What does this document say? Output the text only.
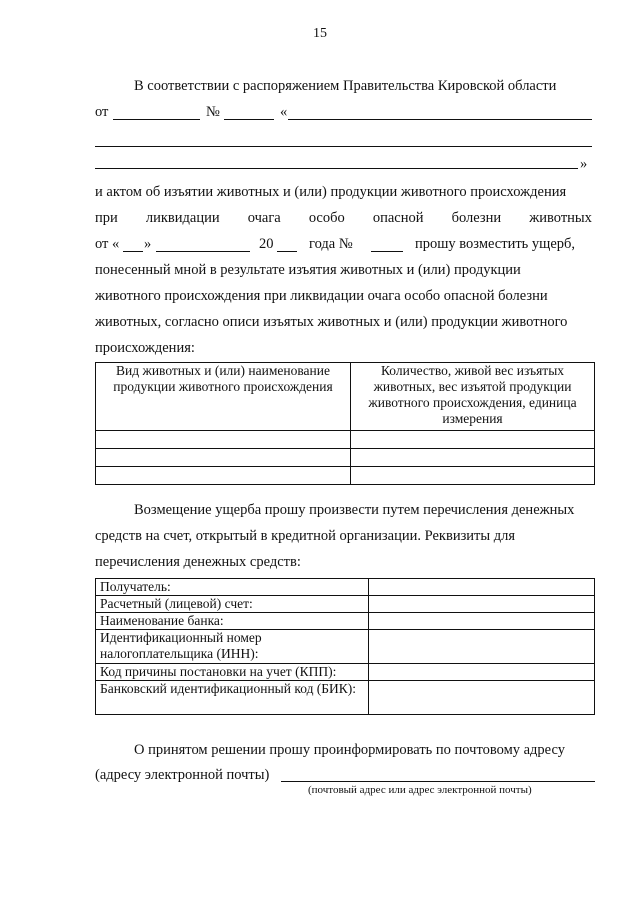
15
В соответствии с распоряжением Правительства Кировской области
от	№	«
»
и актом об изъятии животных и (или) продукции животного происхождения
при ликвидации очага особо опасной болезни животных
от « »	20 года №	прошу возместить ущерб,
понесенный мной в результате изъятия животных и (или) продукции
животного происхождения при ликвидации очага особо опасной болезни
животных, согласно описи изъятых животных и (или) продукции животного
происхождения:
Вид животных и (или) наименование продукции животного происхождения	Количество, живой вес изъятых животных, вес изъятой продукции животного происхождения, единица измерения

Возмещение ущерба прошу произвести путем перечисления денежных
средств на счет, открытый в кредитной организации. Реквизиты для
перечисления денежных средств:
Получатель:	
Расчетный (лицевой) счет:	
Наименование банка:	
Идентификационный номер налогоплательщика (ИНН):	
Код причины постановки на учет (КПП):	
Банковский идентификационный код (БИК):	
О принятом решении прошу проинформировать по почтовому адресу
(адресу электронной почты)
(почтовый адрес или адрес электронной почты)
